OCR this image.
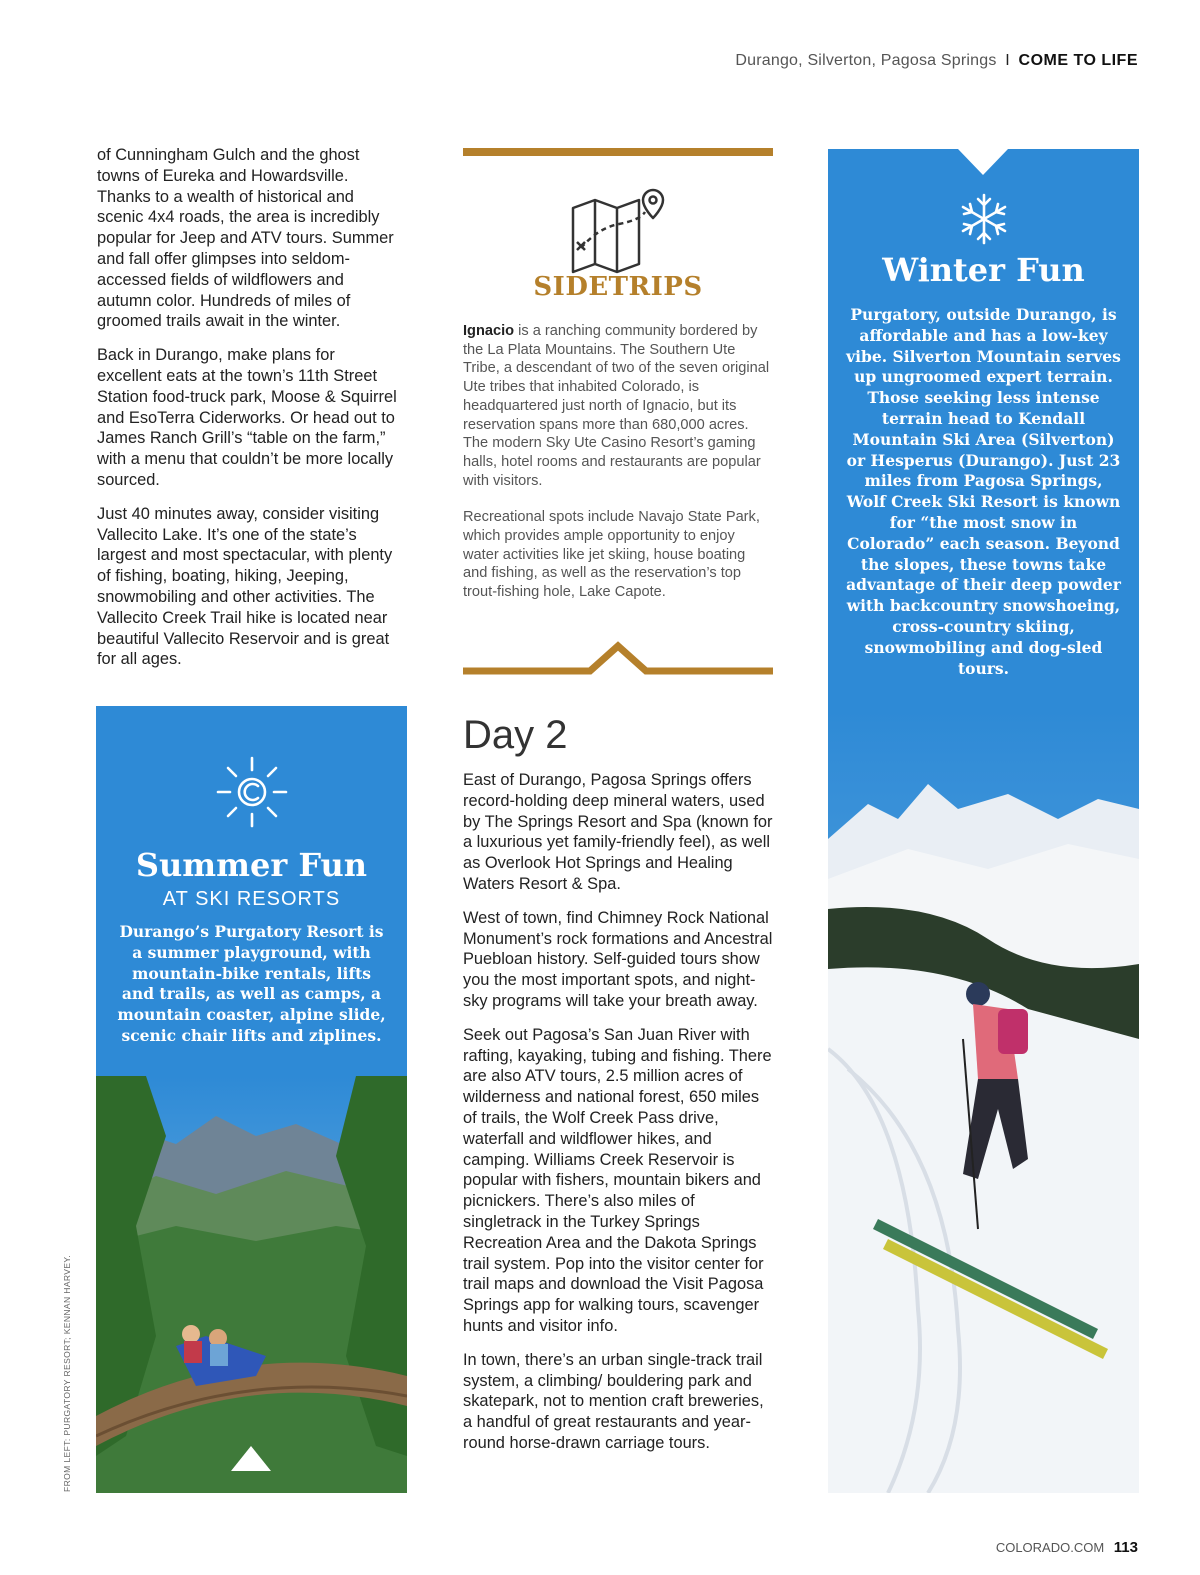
Durango, Silverton, Pagosa Springs I COME TO LIFE

of Cunningham Gulch and the ghost towns of Eureka and Howardsville. Thanks to a wealth of historical and scenic 4x4 roads, the area is incredibly popular for Jeep and ATV tours. Summer and fall offer glimpses into seldom-accessed fields of wildflowers and autumn color. Hundreds of miles of groomed trails await in the winter.

Back in Durango, make plans for excellent eats at the town’s 11th Street Station food-truck park, Moose & Squirrel and EsoTerra Ciderworks. Or head out to James Ranch Grill’s “table on the farm,” with a menu that couldn’t be more locally sourced.

Just 40 minutes away, consider visiting Vallecito Lake. It’s one of the state’s largest and most spectacular, with plenty of fishing, boating, hiking, Jeeping, snowmobiling and other activities. The Vallecito Creek Trail hike is located near beautiful Vallecito Reservoir and is great for all ages.

SIDETRIPS

Ignacio is a ranching community bordered by the La Plata Mountains. The Southern Ute Tribe, a descendant of two of the seven original Ute tribes that inhabited Colorado, is headquartered just north of Ignacio, but its reservation spans more than 680,000 acres. The modern Sky Ute Casino Resort’s gaming halls, hotel rooms and restaurants are popular with visitors.

Recreational spots include Navajo State Park, which provides ample opportunity to enjoy water activities like jet skiing, house boating and fishing, as well as the reservation’s top trout-fishing hole, Lake Capote.

Day 2

East of Durango, Pagosa Springs offers record-holding deep mineral waters, used by The Springs Resort and Spa (known for a luxurious yet family-friendly feel), as well as Overlook Hot Springs and Healing Waters Resort & Spa.

West of town, find Chimney Rock National Monument’s rock formations and Ancestral Puebloan history. Self-guided tours show you the most important spots, and night-sky programs will take your breath away.

Seek out Pagosa’s San Juan River with rafting, kayaking, tubing and fishing. There are also ATV tours, 2.5 million acres of wilderness and national forest, 650 miles of trails, the Wolf Creek Pass drive, waterfall and wildflower hikes, and camping. Williams Creek Reservoir is popular with fishers, mountain bikers and picnickers. There’s also miles of singletrack in the Turkey Springs Recreation Area and the Dakota Springs trail system. Pop into the visitor center for trail maps and download the Visit Pagosa Springs app for walking tours, scavenger hunts and visitor info.

In town, there’s an urban single-track trail system, a climbing/ bouldering park and skatepark, not to mention craft breweries, a handful of great restaurants and year-round horse-drawn carriage tours.

Summer Fun
AT SKI RESORTS
Durango’s Purgatory Resort is a summer playground, with mountain-bike rentals, lifts and trails, as well as camps, a mountain coaster, alpine slide, scenic chair lifts and ziplines.
Winter Fun
Purgatory, outside Durango, is affordable and has a low-key vibe. Silverton Mountain serves up ungroomed expert terrain. Those seeking less intense terrain head to Kendall Mountain Ski Area (Silverton) or Hesperus (Durango). Just 23 miles from Pagosa Springs, Wolf Creek Ski Resort is known for “the most snow in Colorado” each season. Beyond the slopes, these towns take advantage of their deep powder with backcountry snowshoeing, cross-country skiing, snowmobiling and dog-sled tours.
FROM LEFT: PURGATORY RESORT; KENNAN HARVEY.
COLORADO.COM 113
